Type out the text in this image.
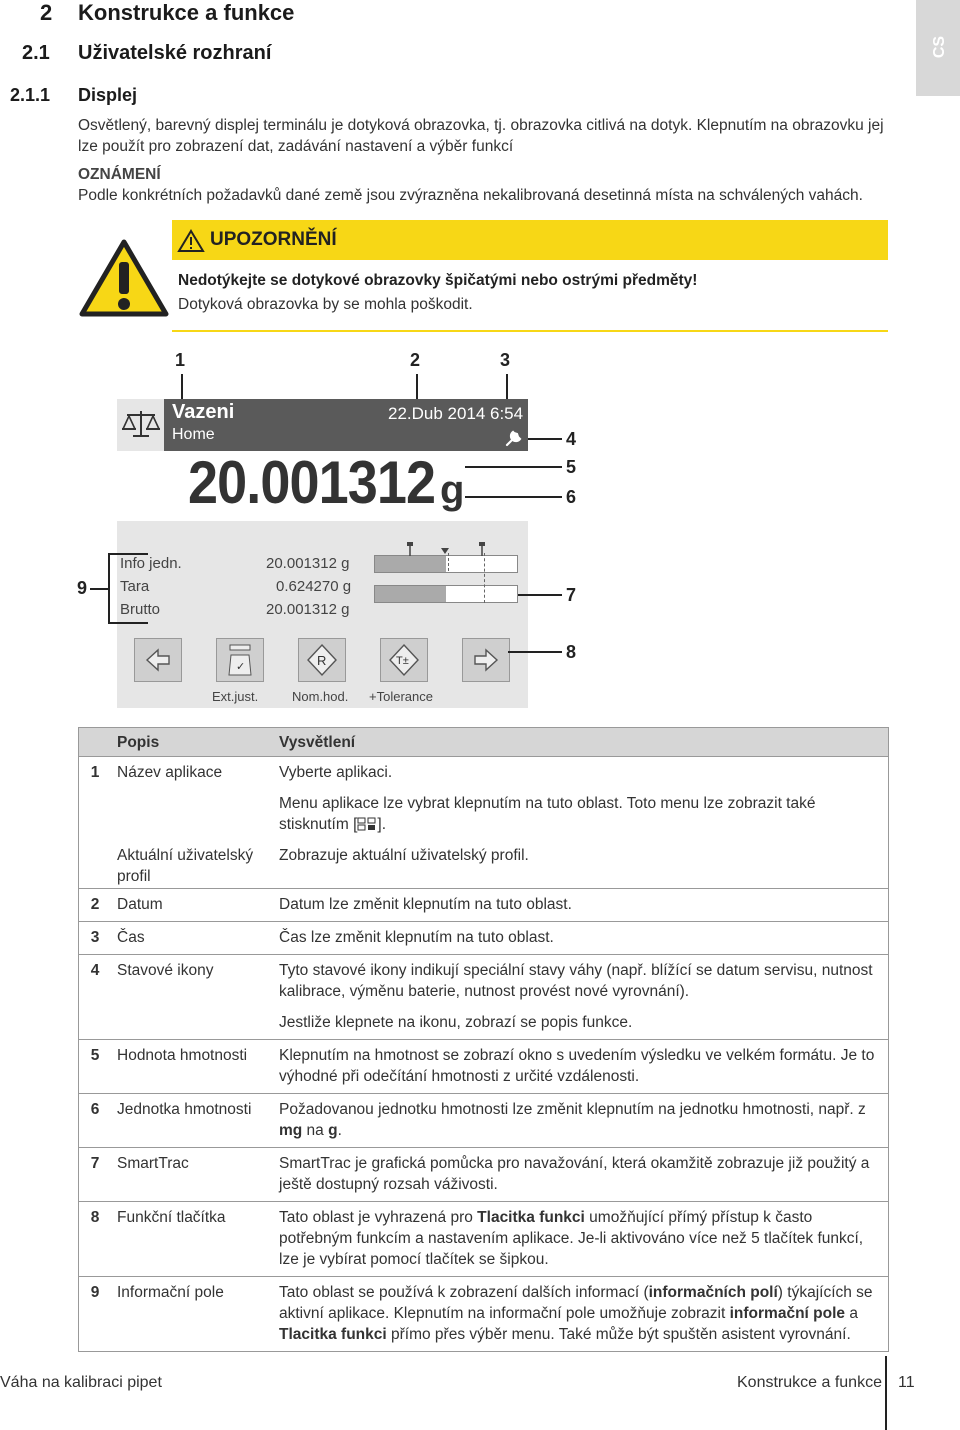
2 Konstrukce a funkce
2.1 Uživatelské rozhraní
2.1.1 Displej
CS
Osvětlený, barevný displej terminálu je dotyková obrazovka, tj. obrazovka citlivá na dotyk. Klepnutím na obrazovku jej lze použít pro zobrazení dat, zadávání nastavení a výběr funkcí
OZNÁMENÍ
Podle konkrétních požadavků dané země jsou zvýrazněna nekalibrovaná desetinná místa na schválených vahách.
UPOZORNĚNÍ
Nedotýkejte se dotykové obrazovky špičatými nebo ostrými předměty!
Dotyková obrazovka by se mohla poškodit.
1	2	3
Vazeni
Home
22.Dub 2014 6:54
20.001312 g
4
5
6
9
Info jedn.	20.001312 g
Tara	0.624270 g
Brutto	20.001312 g
7
✓
Ext.just.
R
Nom.hod.
T±
+Tolerance
8
	Popis	Vysvětlení
1	Název aplikace	Vyberte aplikaci.
		Menu aplikace lze vybrat klepnutím na tuto oblast. Toto menu lze zobrazit také stisknutím [ ].
	Aktuální uživatelský profil	Zobrazuje aktuální uživatelský profil.
2	Datum	Datum lze změnit klepnutím na tuto oblast.
3	Čas	Čas lze změnit klepnutím na tuto oblast.
4	Stavové ikony	Tyto stavové ikony indikují speciální stavy váhy (např. blížící se datum servisu, nutnost kalibrace, výměnu baterie, nutnost provést nové vyrovnání).
		Jestliže klepnete na ikonu, zobrazí se popis funkce.
5	Hodnota hmotnosti	Klepnutím na hmotnost se zobrazí okno s uvedením výsledku ve velkém formátu. Je to výhodné při odečítání hmotnosti z určité vzdálenosti.
6	Jednotka hmotnosti	Požadovanou jednotku hmotnosti lze změnit klepnutím na jednotku hmotnosti, např. z mg na g.
7	SmartTrac	SmartTrac je grafická pomůcka pro navažování, která okamžitě zobrazuje již použitý a ještě dostupný rozsah váživosti.
8	Funkční tlačítka	Tato oblast je vyhrazená pro Tlacitka funkci umožňující přímý přístup k často potřebným funkcím a nastavením aplikace. Je-li aktivováno více než 5 tlačítek funkcí, lze je vybírat pomocí tlačítek se šipkou.
9	Informační pole	Tato oblast se používá k zobrazení dalších informací (informačních polí) týkajících se aktivní aplikace. Klepnutím na informační pole umožňuje zobrazit informační pole a Tlacitka funkci přímo přes výběr menu. Také může být spuštěn asistent vyrovnání.
Váha na kalibraci pipet	Konstrukce a funkce 11
